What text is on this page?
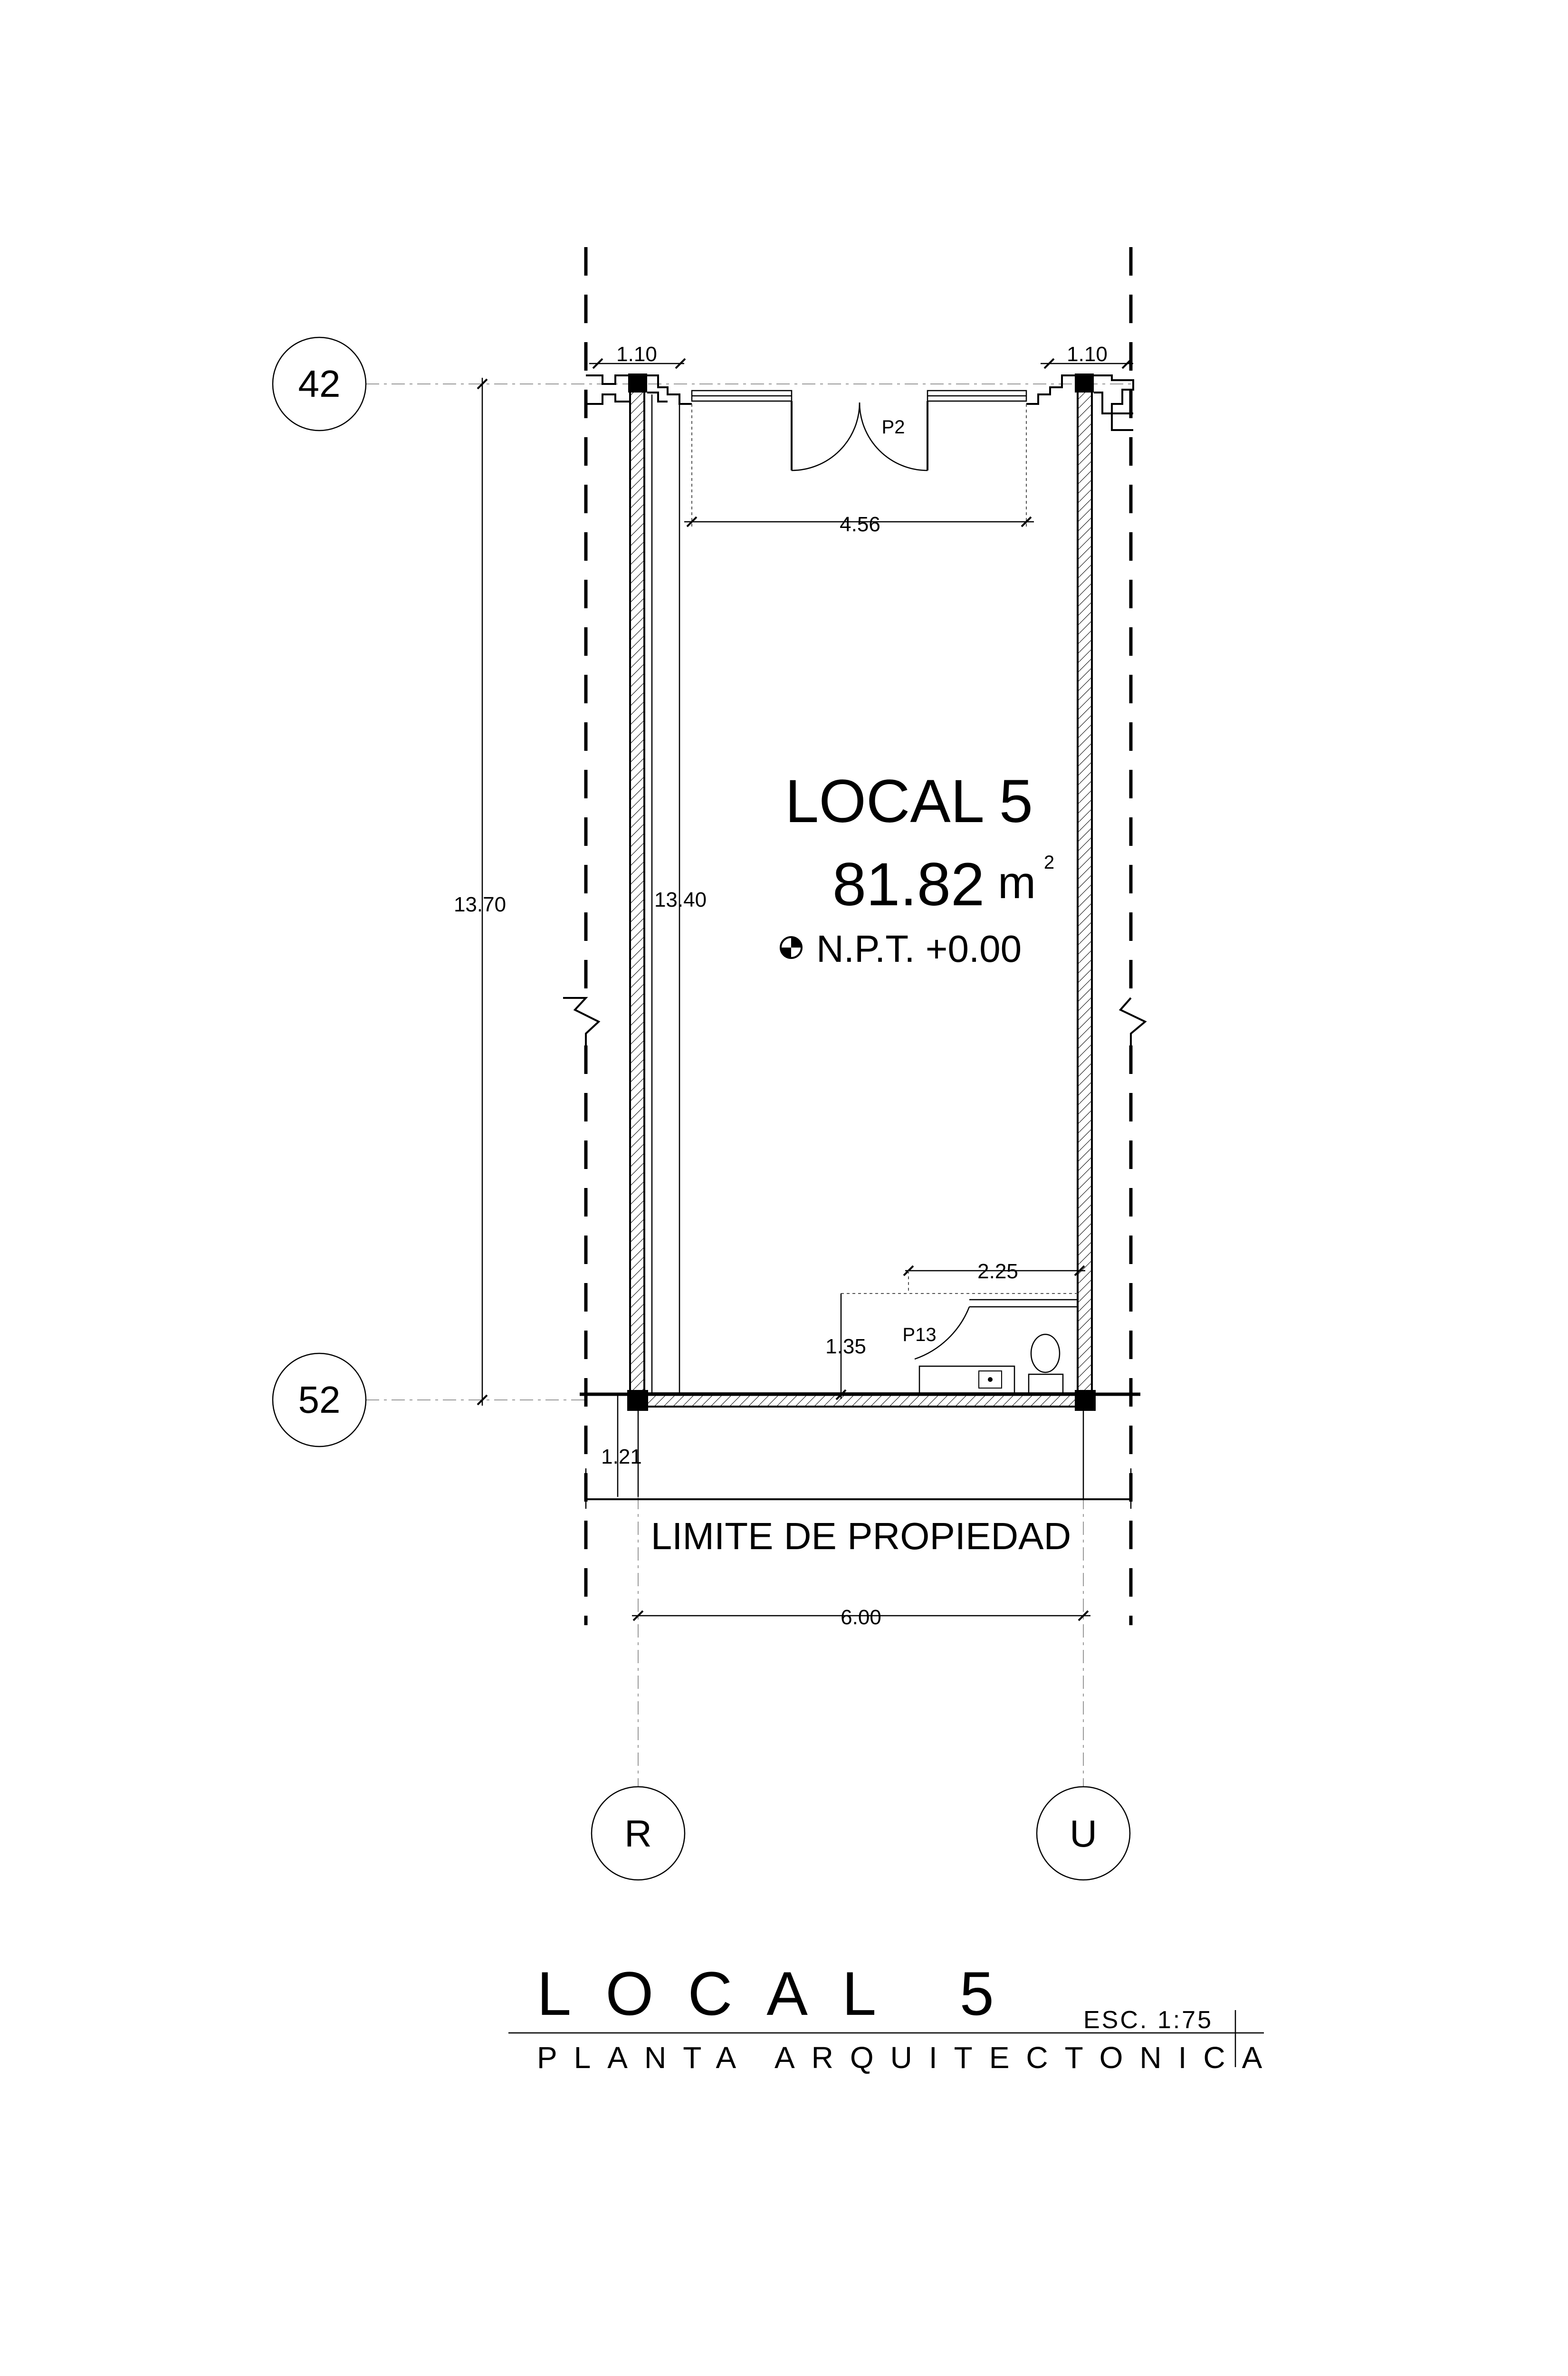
42
52
R	U
P2
P13
1.10	1.10
4.56
13.70	13.40
2.25
1.35
1.21
6.00
LOCAL 5
81.82 m 2
N.P.T. +0.00
LIMITE DE PROPIEDAD
LOCAL 5 ESC. 1:75
PLANTA ARQUITECTONICA
